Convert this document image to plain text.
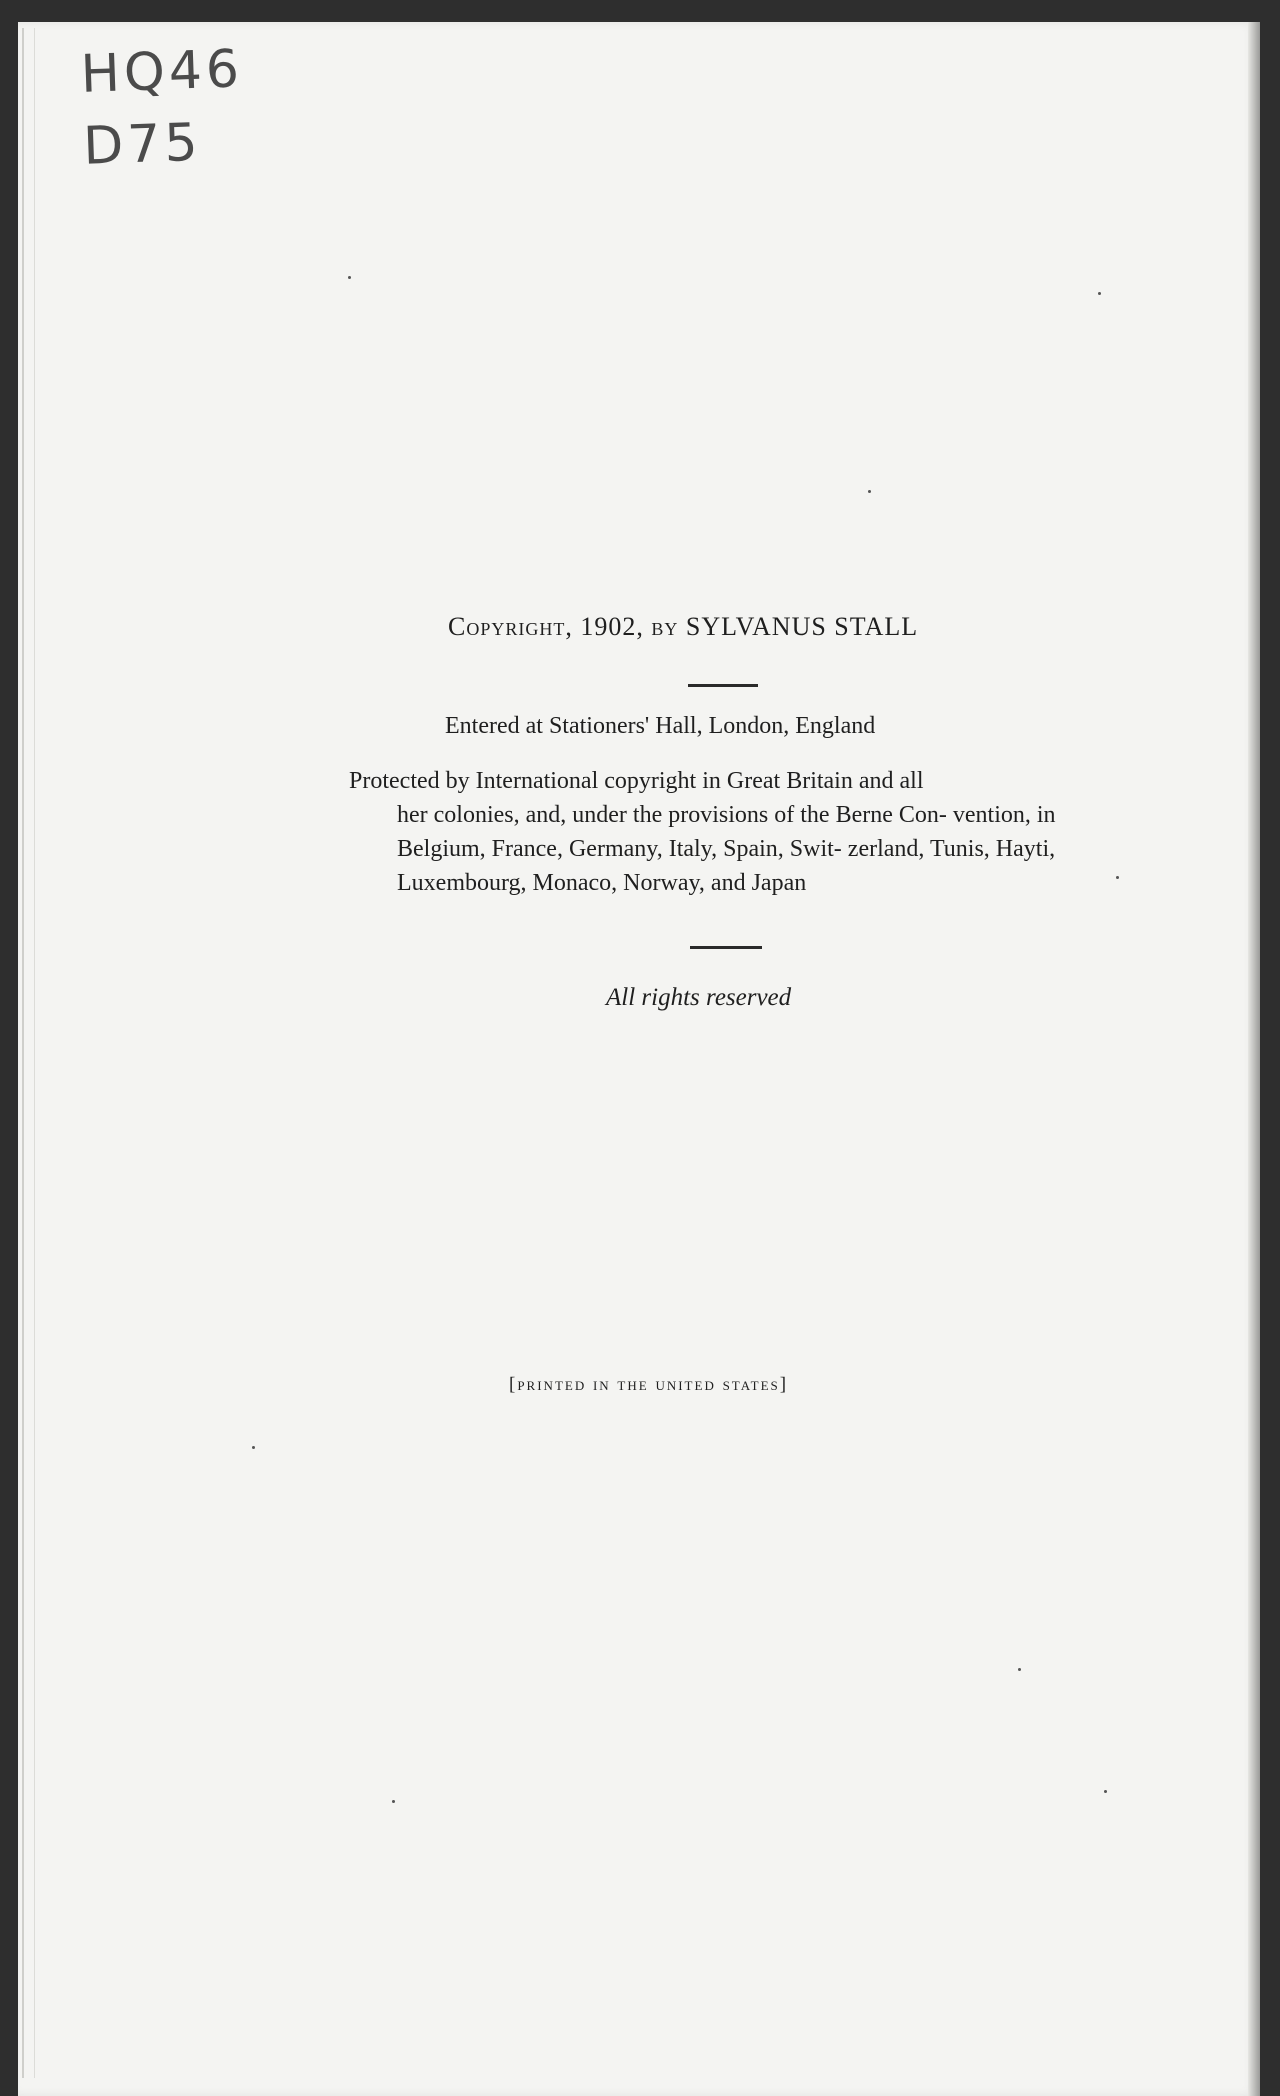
HQ46
D75
Copyright, 1902, by SYLVANUS STALL
Entered at Stationers' Hall, London, England
Protected by International copyright in Great Britain and all
her colonies, and, under the provisions of the Berne Con- vention, in Belgium, France, Germany, Italy, Spain, Swit- zerland, Tunis, Hayti, Luxembourg, Monaco, Norway, and Japan
All rights reserved
[printed in the united states]
